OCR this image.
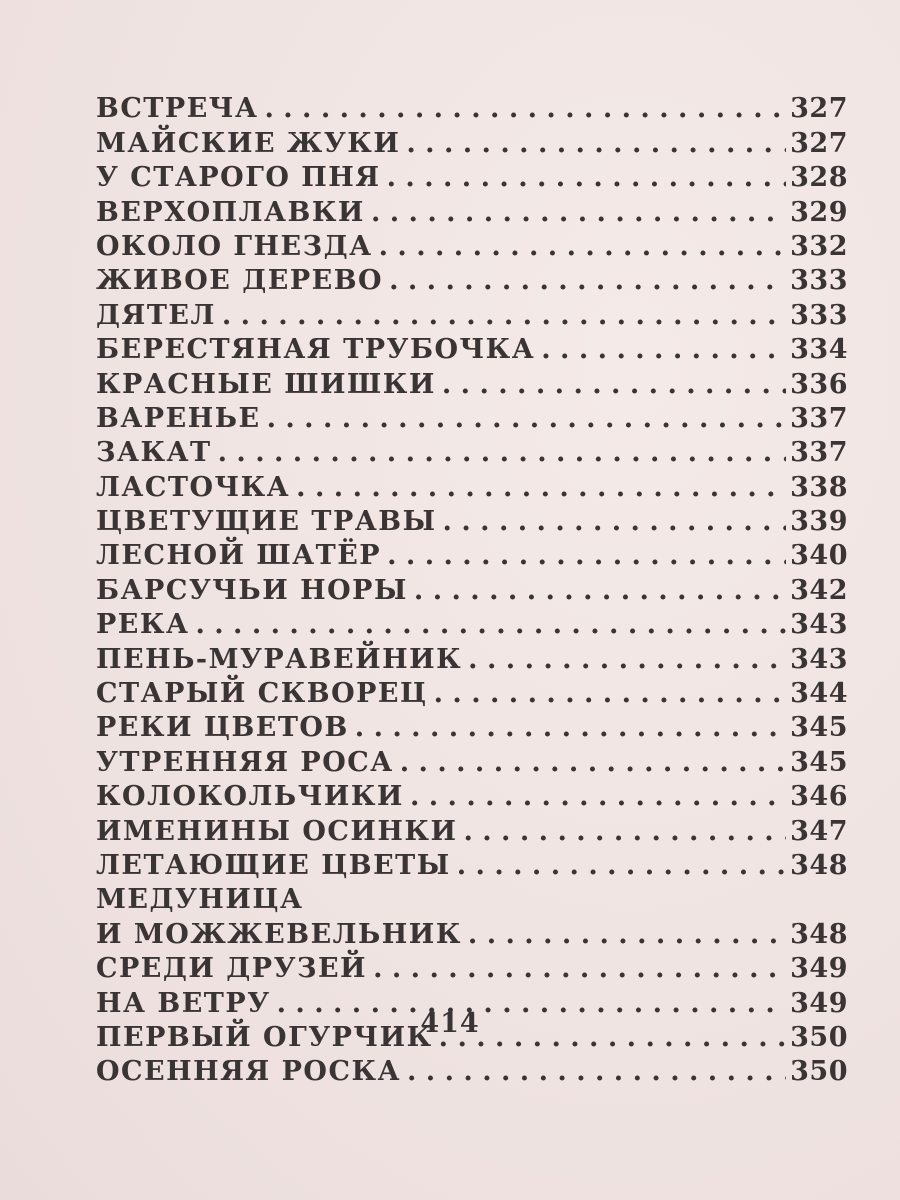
ВСТРЕЧА . . .	327
МАЙСКИЕ ЖУКИ . . .	327
У СТАРОГО ПНЯ . . .	328
ВЕРХОПЛАВКИ . . .	329
ОКОЛО ГНЕЗДА . . .	332
ЖИВОЕ ДЕРЕВО . . .	333
ДЯТЕЛ . . .	333
БЕРЕСТЯНАЯ ТРУБОЧКА . . .	334
КРАСНЫЕ ШИШКИ . . .	336
ВАРЕНЬЕ . . .	337
ЗАКАТ . . .	337
ЛАСТОЧКА . . .	338
ЦВЕТУЩИЕ ТРАВЫ . . .	339
ЛЕСНОЙ ШАТЁР . . .	340
БАРСУЧЬИ НОРЫ . . .	342
РЕКА . . .	343
ПЕНЬ-МУРАВЕЙНИК . . .	343
СТАРЫЙ СКВОРЕЦ . . .	344
РЕКИ ЦВЕТОВ . . .	345
УТРЕННЯЯ РОСА . . .	345
КОЛОКОЛЬЧИКИ . . .	346
ИМЕНИНЫ ОСИНКИ . . .	347
ЛЕТАЮЩИЕ ЦВЕТЫ . . .	348
МЕДУНИЦА
И МОЖЖЕВЕЛЬНИК . . .	348
СРЕДИ ДРУЗЕЙ . . .	349
НА ВЕТРУ . . .	349
ПЕРВЫЙ ОГУРЧИК . . .	350
ОСЕННЯЯ РОСКА . . .	350
414
